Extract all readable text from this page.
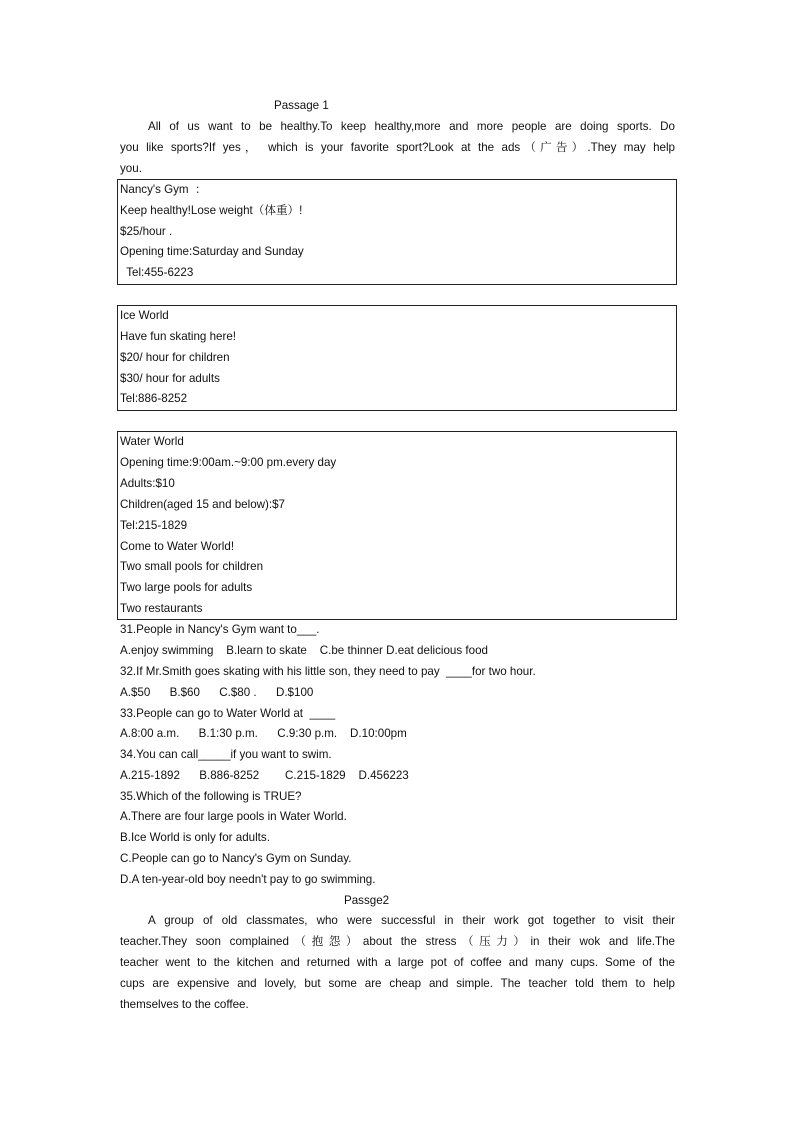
Passage 1
All of us want to be healthy.To keep healthy,more and more people are doing sports. Do
you like sports?If yes， which is your favorite sport?Look at the ads（广告）.They may help
you.
Nancy's Gym  ：
Keep healthy!Lose weight（体重）!
$25/hour .
Opening time:Saturday and Sunday
Tel:455-6223
Ice World
Have fun skating here!
$20/ hour for children
$30/ hour for adults
Tel:886-8252
Water World
Opening time:9:00am.~9:00 pm.every day
Adults:$10
Children(aged 15 and below):$7
Tel:215-1829
Come to Water World!
Two small pools for children
Two large pools for adults
Two restaurants
31.People in Nancy's Gym want to___.
A.enjoy swimming    B.learn to skate    C.be thinner D.eat delicious food
32.If Mr.Smith goes skating with his little son, they need to pay  ____for two hour.
A.$50      B.$60      C.$80 .      D.$100
33.People can go to Water World at  ____
A.8:00 a.m.      B.1:30 p.m.      C.9:30 p.m.    D.10:00pm
34.You can call_____if you want to swim.
A.215-1892      B.886-8252        C.215-1829    D.456223
35.Which of the following is TRUE?
A.There are four large pools in Water World.
B.Ice World is only for adults.
C.People can go to Nancy's Gym on Sunday.
D.A ten-year-old boy needn't pay to go swimming.
Passge2
A group of old classmates, who were successful in their work got together to visit their
teacher.They soon complained（抱怨）about the stress（压力）in their wok and life.The
teacher went to the kitchen and returned with a large pot of coffee and many cups. Some of the
cups are expensive and lovely, but some are cheap and simple. The teacher told them to help
themselves to the coffee.
